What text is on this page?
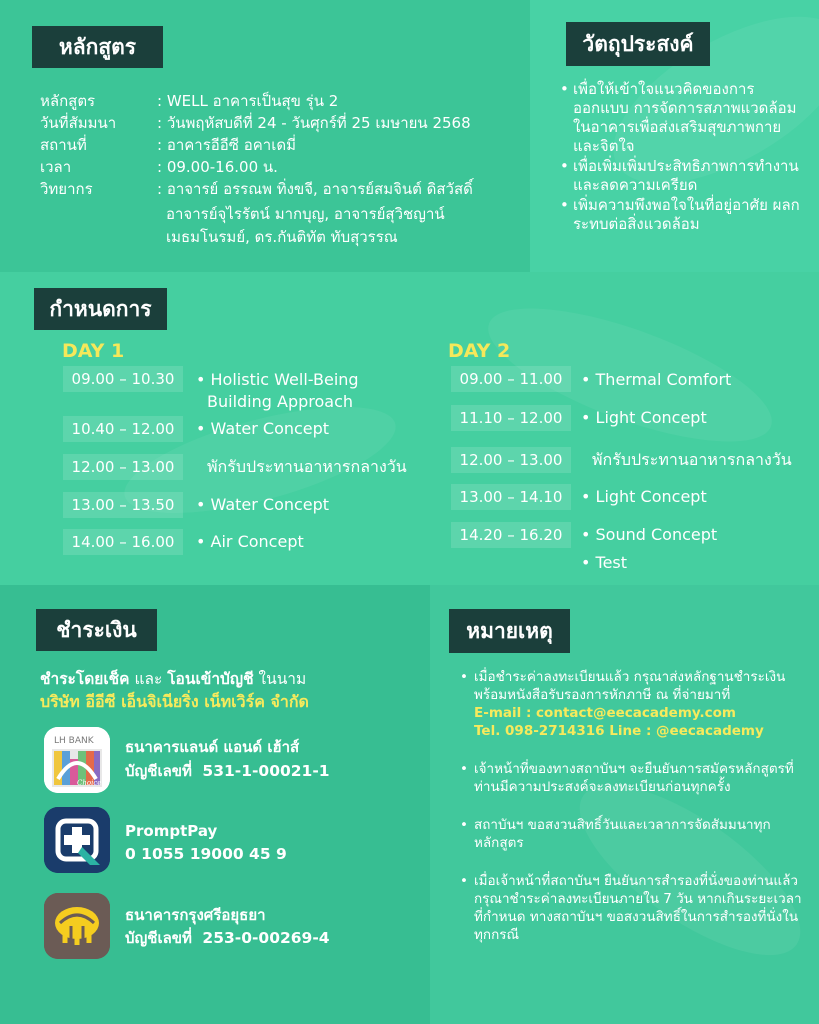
หลักสูตร
หลักสูตร	: WELL อาคารเป็นสุข รุ่น 2
วันที่สัมมนา	: วันพฤหัสบดีที่ 24 - วันศุกร์ที่ 25 เมษายน 2568
สถานที่	: อาคารอีอีซี อคาเดมี่
เวลา	: 09.00-16.00 น.
วิทยากร	: อาจารย์ อรรณพ ทิ่งขจี, อาจารย์สมจินต์ ดิสวัสดิ์
อาจารย์จุไรรัตน์ มากบุญ, อาจารย์สุวิชญาน์
เมธมโนรมย์, ดร.กันติทัต ทับสุวรรณ
วัตถุประสงค์
• เพื่อให้เข้าใจแนวคิดของการออกแบบ การจัดการสภาพแวดล้อมในอาคารเพื่อส่งเสริมสุขภาพกายและจิตใจ
• เพื่อเพิ่มเพิ่มประสิทธิภาพการทำงานและลดความเครียด
• เพิ่มความพึงพอใจในที่อยู่อาศัย ผลกระทบต่อสิ่งแวดล้อม
กำหนดการ
DAY 1
09.00 – 10.30	• Holistic Well-Being
Building Approach
10.40 – 12.00	• Water Concept
12.00 – 13.00	พักรับประทานอาหารกลางวัน
13.00 – 13.50	• Water Concept
14.00 – 16.00	• Air Concept
DAY 2
09.00 – 11.00	• Thermal Comfort
11.10 – 12.00	• Light Concept
12.00 – 13.00	พักรับประทานอาหารกลางวัน
13.00 – 14.10	• Light Concept
14.20 – 16.20	• Sound Concept
• Test
ชำระเงิน
ชำระโดยเช็ค และ โอนเข้าบัญชี ในนาม
บริษัท อีอีซี เอ็นจิเนียริ่ง เน็ทเวิร์ค จำกัด
LH BANK
Choice
ธนาคารแลนด์ แอนด์ เฮ้าส์
บัญชีเลขที่ 531-1-00021-1
PromptPay
0 1055 19000 45 9
ธนาคารกรุงศรีอยุธยา
บัญชีเลขที่ 253-0-00269-4
หมายเหตุ
• เมื่อชำระค่าลงทะเบียนแล้ว กรุณาส่งหลักฐานชำระเงินพร้อมหนังสือรับรองการหักภาษี ณ ที่จ่ายมาที่
E-mail : contact@eecacademy.com
Tel. 098-2714316 Line : @eecacademy
• เจ้าหน้าที่ของทางสถาบันฯ จะยืนยันการสมัครหลักสูตรที่ท่านมีความประสงค์จะลงทะเบียนก่อนทุกครั้ง
• สถาบันฯ ขอสงวนสิทธิ์วันและเวลาการจัดสัมมนาทุกหลักสูตร
• เมื่อเจ้าหน้าที่สถาบันฯ ยืนยันการสำรองที่นั่งของท่านแล้ว กรุณาชำระค่าลงทะเบียนภายใน 7 วัน หากเกินระยะเวลาที่กำหนด ทางสถาบันฯ ขอสงวนสิทธิ์ในการสำรองที่นั่งในทุกกรณี
